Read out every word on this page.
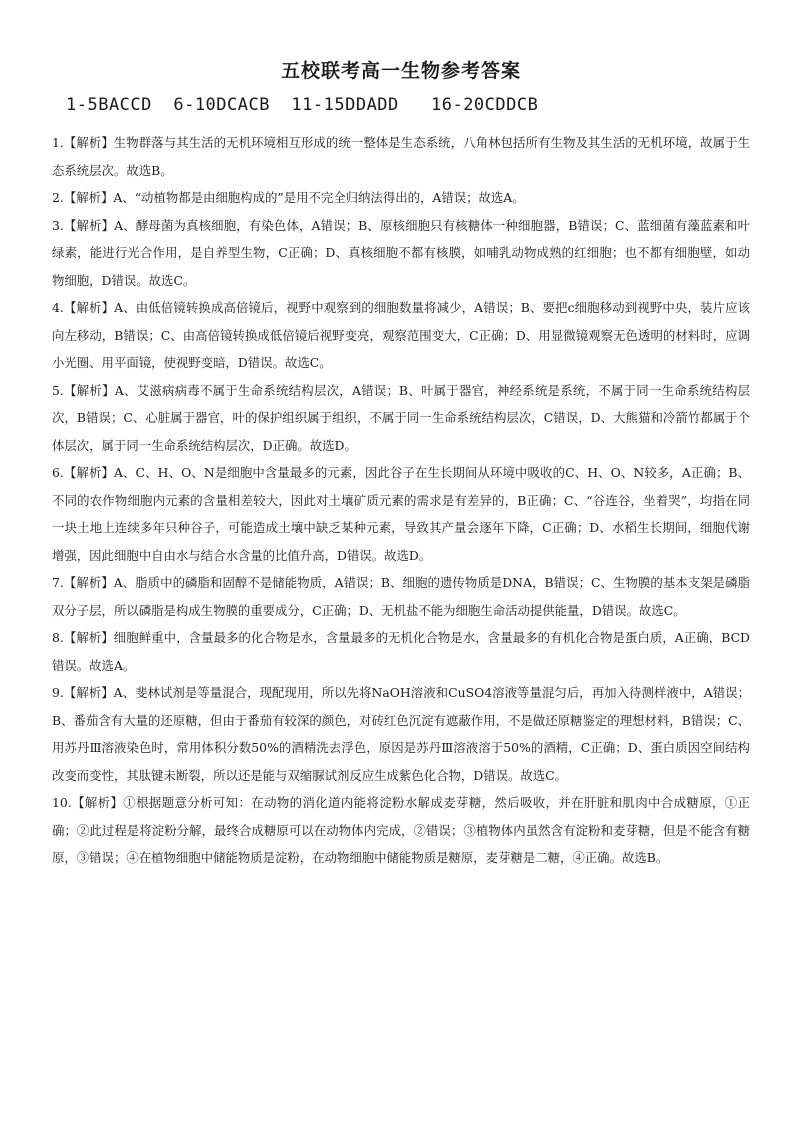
五校联考高一生物参考答案
1-5BACCD  6-10DCACB  11-15DDADD   16-20CDDCB

1.【解析】生物群落与其生活的无机环境相互形成的统一整体是生态系统，八角林包括所有生物及其生活的无机环境，故属于生态系统层次。故选B。

2.【解析】A、“动植物都是由细胞构成的”是用不完全归纳法得出的，A错误；故选A。

3.【解析】A、酵母菌为真核细胞，有染色体，A错误；B、原核细胞只有核糖体一种细胞器，B错误；C、蓝细菌有藻蓝素和叶绿素，能进行光合作用，是自养型生物，C正确；D、真核细胞不都有核膜，如哺乳动物成熟的红细胞；也不都有细胞壁，如动物细胞，D错误。故选C。

4.【解析】A、由低倍镜转换成高倍镜后，视野中观察到的细胞数量将减少，A错误；B、要把c细胞移动到视野中央，装片应该向左移动，B错误；C、由高倍镜转换成低倍镜后视野变亮，观察范围变大，C正确；D、用显微镜观察无色透明的材料时，应调小光圈、用平面镜，使视野变暗，D错误。故选C。

5.【解析】A、艾滋病病毒不属于生命系统结构层次，A错误；B、叶属于器官，神经系统是系统，不属于同一生命系统结构层次，B错误；C、心脏属于器官，叶的保护组织属于组织，不属于同一生命系统结构层次，C错误，D、大熊猫和冷箭竹都属于个体层次，属于同一生命系统结构层次，D正确。故选D。

6.【解析】A、C、H、O、N是细胞中含量最多的元素，因此谷子在生长期间从环境中吸收的C、H、O、N较多，A正确；B、不同的农作物细胞内元素的含量相差较大，因此对土壤矿质元素的需求是有差异的，B正确；C、“谷连谷，坐着哭”，均指在同一块土地上连续多年只种谷子，可能造成土壤中缺乏某种元素，导致其产量会逐年下降，C正确；D、水稻生长期间，细胞代谢增强，因此细胞中自由水与结合水含量的比值升高，D错误。故选D。

7.【解析】A、脂质中的磷脂和固醇不是储能物质，A错误；B、细胞的遗传物质是DNA，B错误；C、生物膜的基本支架是磷脂双分子层，所以磷脂是构成生物膜的重要成分，C正确；D、无机盐不能为细胞生命活动提供能量，D错误。故选C。

8.【解析】细胞鲜重中，含量最多的化合物是水，含量最多的无机化合物是水，含量最多的有机化合物是蛋白质，A正确，BCD错误。故选A。

9.【解析】A、斐林试剂是等量混合，现配现用，所以先将NaOH溶液和CuSO4溶液等量混匀后，再加入待测样液中，A错误；B、番茄含有大量的还原糖，但由于番茄有较深的颜色，对砖红色沉淀有遮蔽作用，不是做还原糖鉴定的理想材料，B错误；C、用苏丹Ⅲ溶液染色时，常用体积分数50%的酒精洗去浮色，原因是苏丹Ⅲ溶液溶于50%的酒精，C正确；D、蛋白质因空间结构改变而变性，其肽键未断裂，所以还是能与双缩脲试剂反应生成紫色化合物，D错误。故选C。

10.【解析】①根据题意分析可知：在动物的消化道内能将淀粉水解成麦芽糖，然后吸收，并在肝脏和肌肉中合成糖原，①正确；②此过程是将淀粉分解，最终合成糖原可以在动物体内完成，②错误；③植物体内虽然含有淀粉和麦芽糖，但是不能含有糖原，③错误；④在植物细胞中储能物质是淀粉，在动物细胞中储能物质是糖原，麦芽糖是二糖，④正确。故选B。
